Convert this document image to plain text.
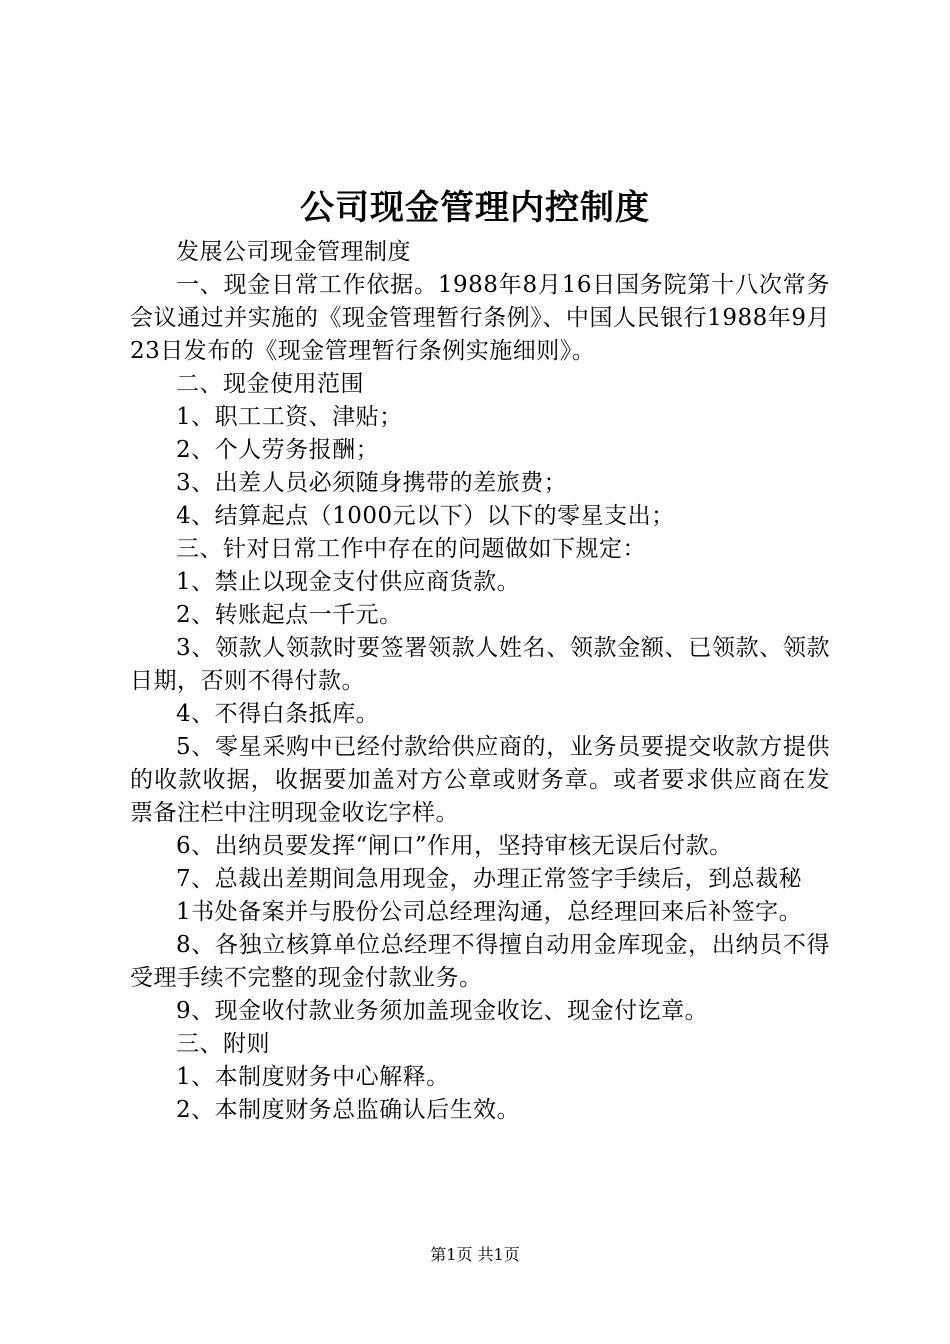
公司现金管理内控制度

发展公司现金管理制度

一、现金日常工作依据。1988年8月16日国务院第十八次常务会议通过并实施的《现金管理暂行条例》、中国人民银行1988年9月23日发布的《现金管理暂行条例实施细则》。

二、现金使用范围

1、职工工资、津贴；

2、个人劳务报酬；

3、出差人员必须随身携带的差旅费；

4、结算起点（1000元以下）以下的零星支出；

三、针对日常工作中存在的问题做如下规定：

1、禁止以现金支付供应商货款。

2、转账起点一千元。

3、领款人领款时要签署领款人姓名、领款金额、已领款、领款日期，否则不得付款。

4、不得白条抵库。

5、零星采购中已经付款给供应商的，业务员要提交收款方提供的收款收据，收据要加盖对方公章或财务章。或者要求供应商在发票备注栏中注明现金收讫字样。

6、出纳员要发挥“闸口”作用，坚持审核无误后付款。

7、总裁出差期间急用现金，办理正常签字手续后，到总裁秘

1书处备案并与股份公司总经理沟通，总经理回来后补签字。

8、各独立核算单位总经理不得擅自动用金库现金，出纳员不得受理手续不完整的现金付款业务。

9、现金收付款业务须加盖现金收讫、现金付讫章。

三、附则

1、本制度财务中心解释。

2、本制度财务总监确认后生效。

第1页 共1页
